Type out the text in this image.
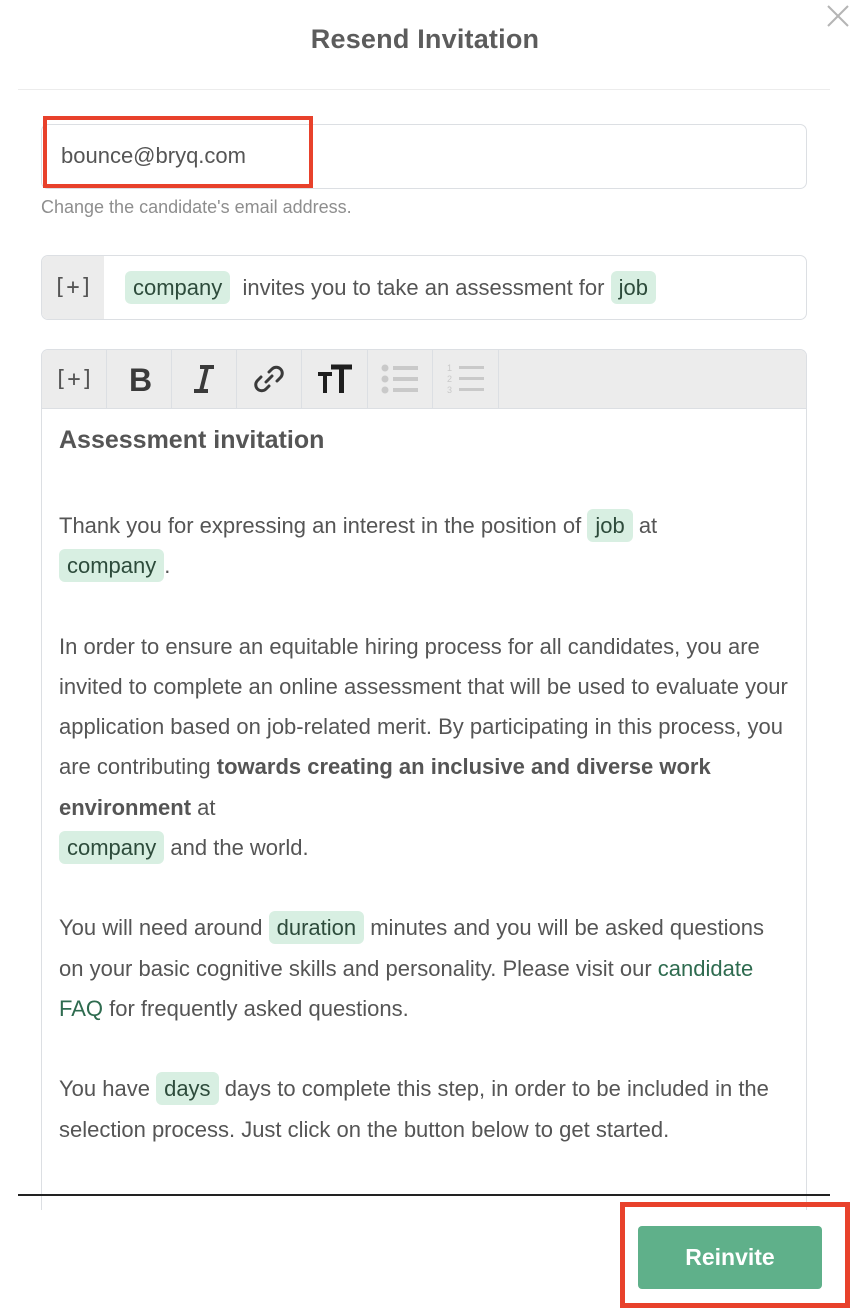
Resend Invitation
bounce@bryq.com
Change the candidate's email address.
[+]	company invites you to take an assessment for job
[+]	B	1
2
3
Assessment invitation

Thank you for expressing an interest in the position of job at
company .

In order to ensure an equitable hiring process for all candidates, you are invited to complete an online assessment that will be used to evaluate your application based on job-related merit. By participating in this process, you are contributing towards creating an inclusive and diverse work environment at
company and the world.

You will need around duration minutes and you will be asked questions on your basic cognitive skills and personality. Please visit our candidate FAQ for frequently asked questions.

You have days days to complete this step, in order to be included in the selection process. Just click on the button below to get started.

Reinvite
